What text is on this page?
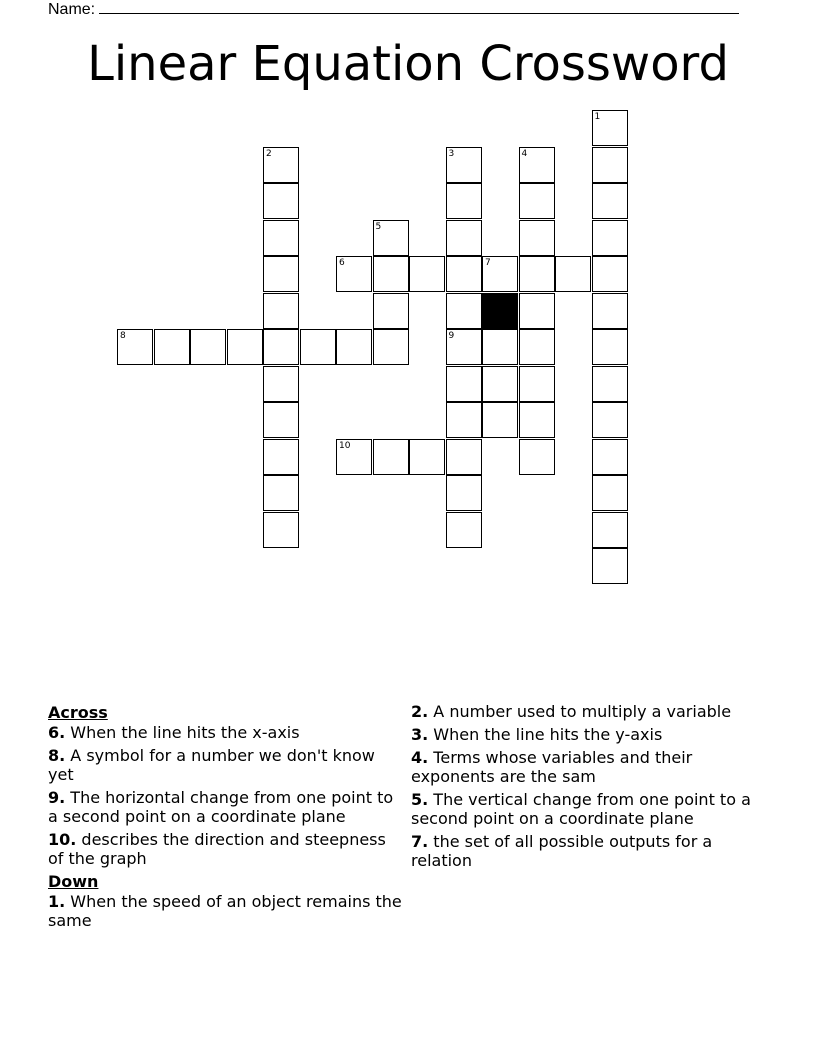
Name:
Linear Equation Crossword
1
2	3
9
4
5
6	7
8
10
Across
6. When the line hits the x-axis
8. A symbol for a number we don't know yet
9. The horizontal change from one point to a second point on a coordinate plane
10. describes the direction and steepness of the graph
Down
1. When the speed of an object remains the same
2. A number used to multiply a variable
3. When the line hits the y-axis
4. Terms whose variables and their exponents are the sam
5. The vertical change from one point to a second point on a coordinate plane
7. the set of all possible outputs for a relation
